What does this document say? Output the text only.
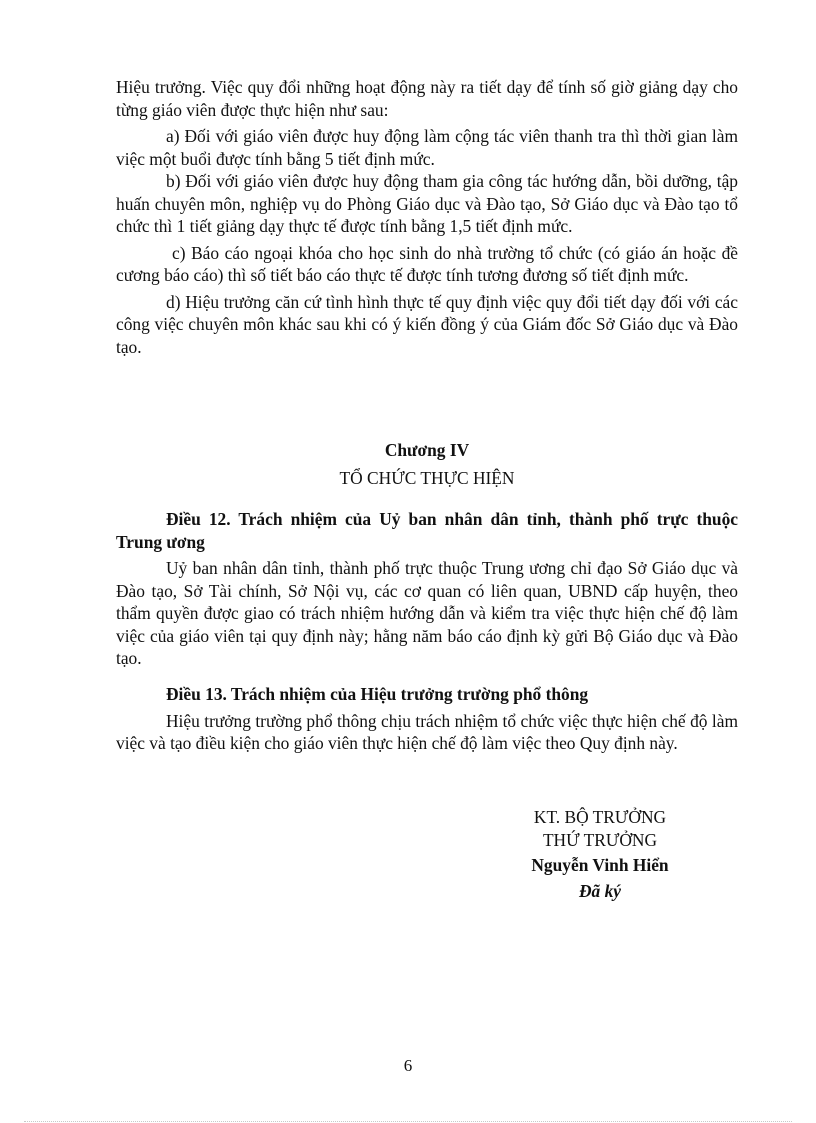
Hiệu trưởng. Việc quy đổi những hoạt động này ra tiết dạy để tính số giờ giảng dạy cho từng giáo viên được thực hiện như sau:

a) Đối với giáo viên được huy động làm cộng tác viên thanh tra thì thời gian làm việc một buổi được tính bằng 5 tiết định mức.

b) Đối với giáo viên được huy động tham gia công tác hướng dẫn, bồi dưỡng, tập huấn chuyên môn, nghiệp vụ do Phòng Giáo dục và Đào tạo, Sở Giáo dục và Đào tạo tổ chức thì 1 tiết giảng dạy thực tế được tính bằng 1,5 tiết định mức.

c) Báo cáo ngoại khóa cho học sinh do nhà trường tổ chức (có giáo án hoặc đề cương báo cáo) thì số tiết báo cáo thực tế được tính tương đương số tiết định mức.

d) Hiệu trưởng căn cứ tình hình thực tế quy định việc quy đổi tiết dạy đối với các công việc chuyên môn khác sau khi có ý kiến đồng ý của Giám đốc Sở Giáo dục và Đào tạo.

Chương IV
TỔ CHỨC THỰC HIỆN

Điều 12. Trách nhiệm của Uỷ ban nhân dân tỉnh, thành phố trực thuộc Trung ương

Uỷ ban nhân dân tỉnh, thành phố trực thuộc Trung ương chỉ đạo Sở Giáo dục và Đào tạo, Sở Tài chính, Sở Nội vụ, các cơ quan có liên quan, UBND cấp huyện, theo thẩm quyền được giao có trách nhiệm hướng dẫn và kiểm tra việc thực hiện chế độ làm việc của giáo viên tại quy định này; hằng năm báo cáo định kỳ gửi Bộ Giáo dục và Đào tạo.

Điều 13. Trách nhiệm của Hiệu trưởng trường phổ thông

Hiệu trưởng trường phổ thông chịu trách nhiệm tổ chức việc thực hiện chế độ làm việc và tạo điều kiện cho giáo viên thực hiện chế độ làm việc theo Quy định này.

KT. BỘ TRƯỞNG
THỨ TRƯỞNG
Nguyễn Vinh Hiển
Đã ký
6
